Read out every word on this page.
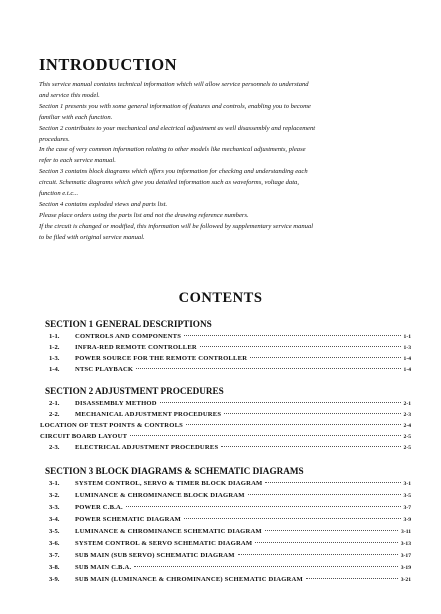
INTRODUCTION

This service manual contains technical information which will allow service personnels to understand

and service this model.

Section 1 presents you with some general information of features and controls, enabling you to become

familiar with each function.

Section 2 contributes to your mechanical and electrical adjustment as well disassembly and replacement

procedures.

In the case of very common information relating to other models like mechanical adjustments, please

refer to each service manual.

Section 3 contains block diagrams which offers you information for checking and understanding each

circuit. Schematic diagrams which give you detailed information such as waveforms, voltage data,

function e.t.c...

Section 4 contains exploded views and parts list.

Please place orders using the parts list and not the drawing reference numbers.

If the circuit is changed or modified, this information will be followed by supplementary service manual

to be filed with original service manual.

CONTENTS
SECTION 1 GENERAL DESCRIPTIONS
1-1.	CONTROLS AND COMPONENTS	1-1
1-2.	INFRA-RED REMOTE CONTROLLER	1-3
1-3.	POWER SOURCE FOR THE REMOTE CONTROLLER	1-4
1-4.	NTSC PLAYBACK	1-4
SECTION 2 ADJUSTMENT PROCEDURES
2-1.	DISASSEMBLY METHOD	2-1
2-2.	MECHANICAL ADJUSTMENT PROCEDURES	2-3
LOCATION OF TEST POINTS & CONTROLS	2-4
CIRCUIT BOARD LAYOUT	2-5
2-3.	ELECTRICAL ADJUSTMENT PROCEDURES	2-5
SECTION 3 BLOCK DIAGRAMS & SCHEMATIC DIAGRAMS
3-1.	SYSTEM CONTROL, SERVO & TIMER BLOCK DIAGRAM	3-1
3-2.	LUMINANCE & CHROMINANCE BLOCK DIAGRAM	3-5
3-3.	POWER C.B.A.	3-7
3-4.	POWER SCHEMATIC DIAGRAM	3-9
3-5.	LUMINANCE & CHROMINANCE SCHEMATIC DIAGRAM	3-11
3-6.	SYSTEM CONTROL & SERVO SCHEMATIC DIAGRAM	3-13
3-7.	SUB MAIN (SUB SERVO) SCHEMATIC DIAGRAM	3-17
3-8.	SUB MAIN C.B.A.	3-19
3-9.	SUB MAIN (LUMINANCE & CHROMINANCE) SCHEMATIC DIAGRAM	3-21
